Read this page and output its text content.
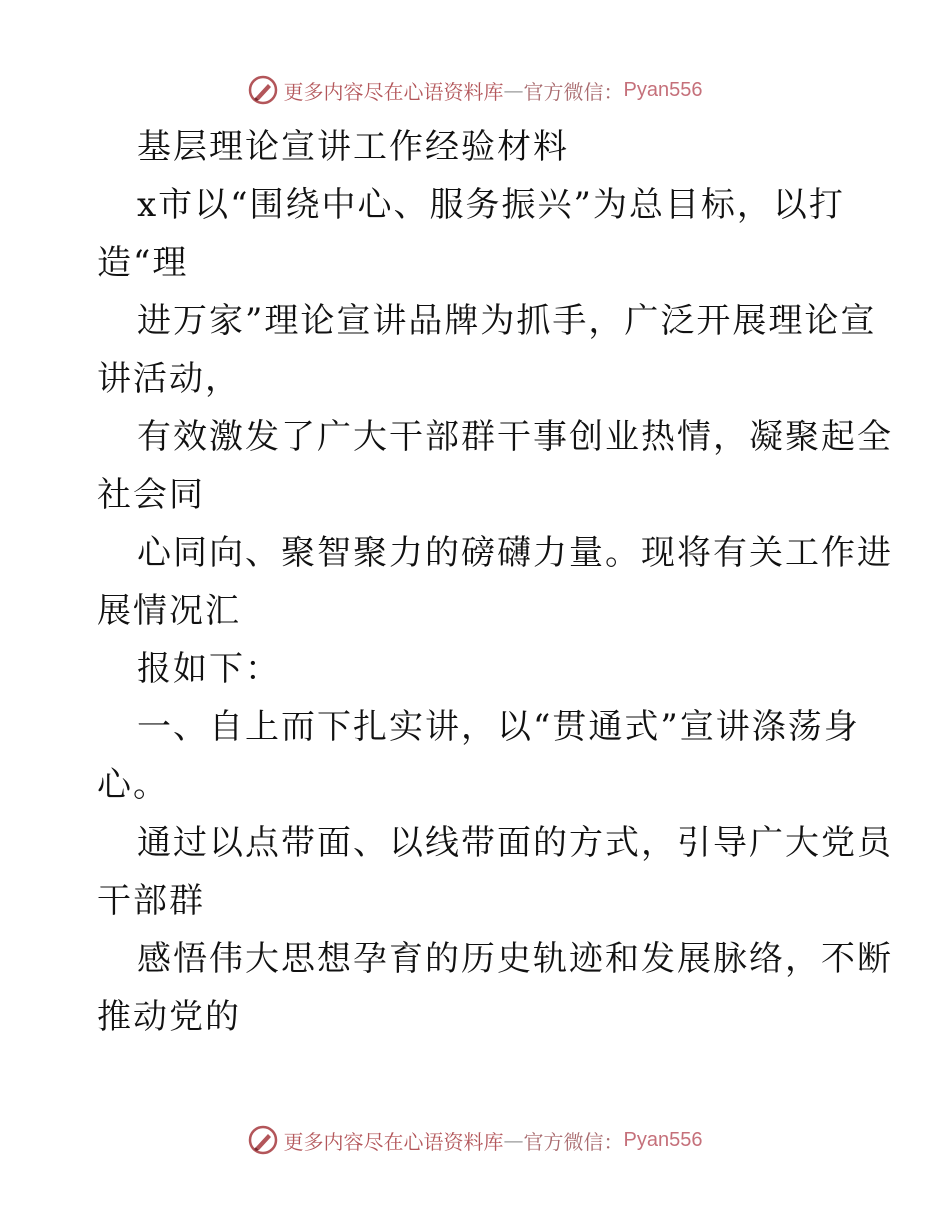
更多内容尽在心语资料库 — 官方微信： Pyan556
基层理论宣讲工作经验材料
x市以“围绕中心、服务振兴”为总目标，以打
造“理
进万家”理论宣讲品牌为抓手，广泛开展理论宣
讲活动，
有效激发了广大干部群干事创业热情，凝聚起全
社会同
心同向、聚智聚力的磅礴力量。现将有关工作进
展情况汇
报如下：
一、自上而下扎实讲，以“贯通式”宣讲涤荡身
心。
通过以点带面、以线带面的方式，引导广大党员
干部群
感悟伟大思想孕育的历史轨迹和发展脉络，不断
推动党的
更多内容尽在心语资料库 — 官方微信： Pyan556
